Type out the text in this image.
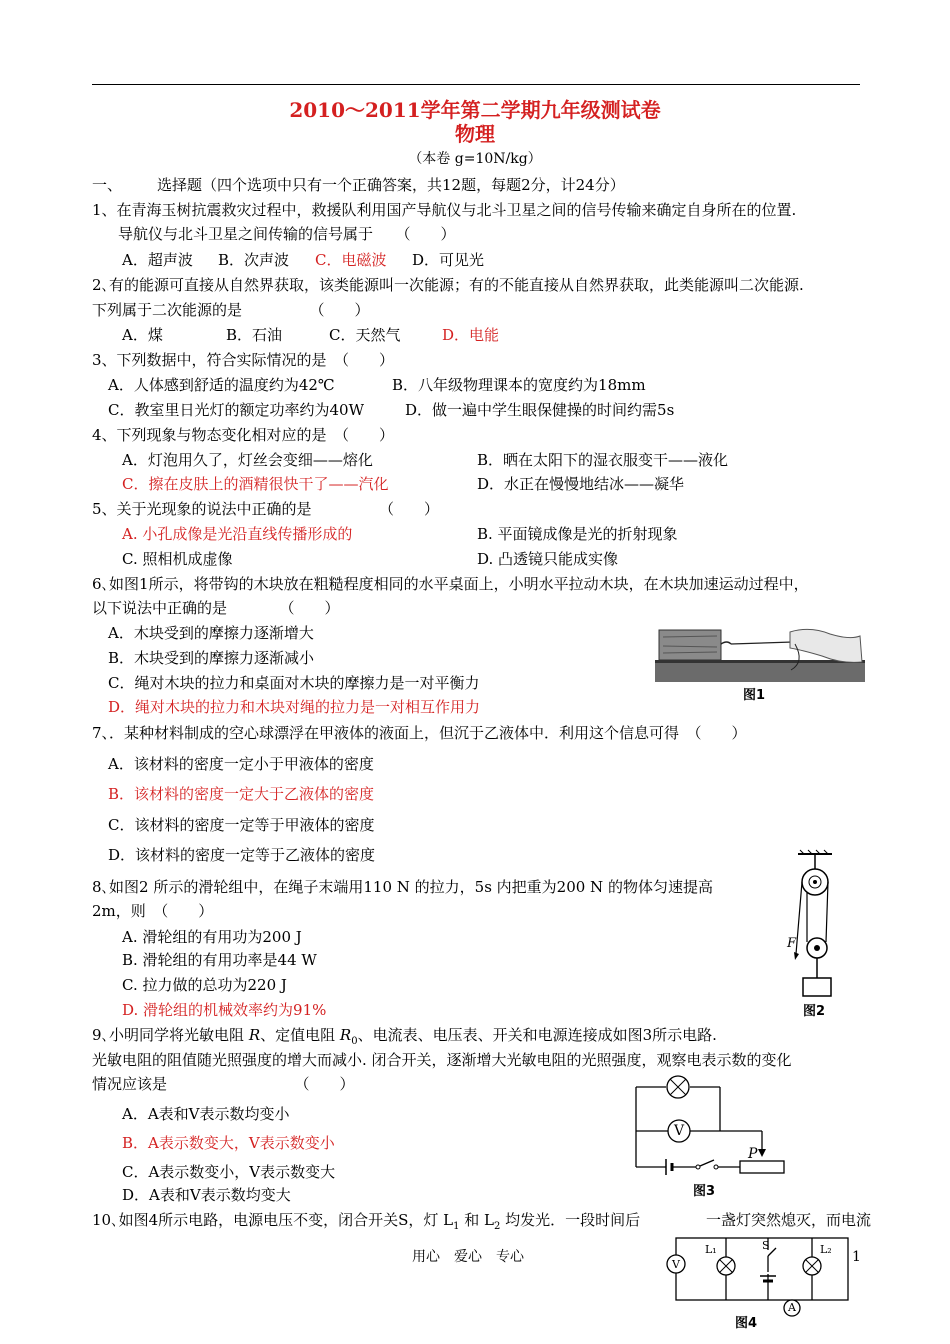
2010～2011学年第二学期九年级测试卷
物理
（本卷 g=10N/kg）
一、 选择题（四个选项中只有一个正确答案，共12题，每题2分，计24分）
1、在青海玉树抗震救灾过程中，救援队利用国产导航仪与北斗卫星之间的信号传输来确定自身所在的位置.
导航仪与北斗卫星之间传输的信号属于　　（　　）
A．超声波 B．次声波 C．电磁波 D．可见光
2､有的能源可直接从自然界获取，该类能源叫一次能源；有的不能直接从自然界获取，此类能源叫二次能源.
下列属于二次能源的是　　　　　（　　）
A．煤	B．石油	C．天然气	D．电能
3、下列数据中，符合实际情况的是　（　　）
A．人体感到舒适的温度约为42℃	B．八年级物理课本的宽度约为18mm
C．教室里日光灯的额定功率约为40W	D．做一遍中学生眼保健操的时间约需5s
4、下列现象与物态变化相对应的是　（　　）
A．灯泡用久了，灯丝会变细——熔化	B．晒在太阳下的湿衣服变干——液化
C．擦在皮肤上的酒精很快干了——汽化	D．水正在慢慢地结冰——凝华
5、关于光现象的说法中正确的是　　　　　（　　）
A. 小孔成像是光沿直线传播形成的	B. 平面镜成像是光的折射现象
C. 照相机成虚像	D. 凸透镜只能成实像
6､如图1所示，将带钩的木块放在粗糙程度相同的水平桌面上，小明水平拉动木块，在木块加速运动过程中，
以下说法中正确的是　　　　（　　）
A．木块受到的摩擦力逐渐增大
B．木块受到的摩擦力逐渐减小
C．绳对木块的拉力和桌面对木块的摩擦力是一对平衡力
D．绳对木块的拉力和木块对绳的拉力是一对相互作用力
图1
7、．某种材料制成的空心球漂浮在甲液体的液面上，但沉于乙液体中．利用这个信息可得　（　　）
A．该材料的密度一定小于甲液体的密度
B．该材料的密度一定大于乙液体的密度
C．该材料的密度一定等于甲液体的密度
D．该材料的密度一定等于乙液体的密度
8､如图2 所示的滑轮组中，在绳子末端用110 N 的拉力，5s 内把重为200 N 的物体匀速提高
2m，则　（　　）
A. 滑轮组的有用功为200 J
B. 滑轮组的有用功率是44 W
C. 拉力做的总功为220 J
D. 滑轮组的机械效率约为91%
F
图2
9､小明同学将光敏电阻 R、定值电阻 $R_0$、电流表、电压表、开关和电源连接成如图3所示电路.
光敏电阻的阻值随光照强度的增大而减小. 闭合开关，逐渐增大光敏电阻的光照强度，观察电表示数的变化
情况应该是　　　　　　　　　（　　）
A．A表和V表示数均变小
B．A表示数变大，V表示数变小
C．A表示数变小，V表示数变大
D．A表和V表示数均变大
V
P
图3
10､如图4所示电路，电源电压不变，闭合开关S，灯 $L_1$ 和 $L_2$ 均发光．一段时间后	一盏灯突然熄灭，而电流
V
L₁	S	L₂
A
图4
用心　爱心　专心	1
